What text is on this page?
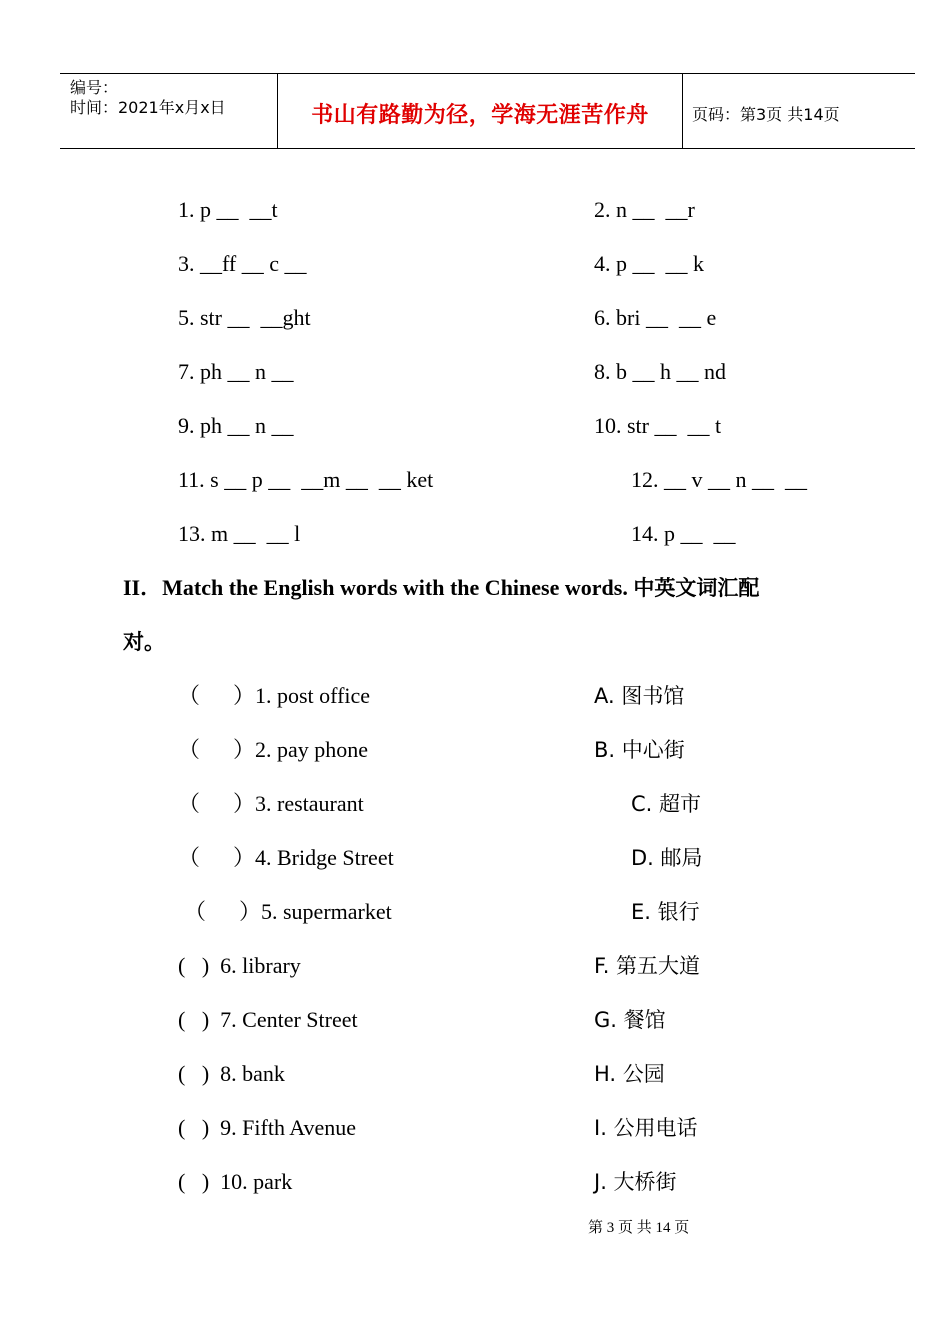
编号：
时间：2021年x月x日	书山有路勤为径，学海无涯苦作舟	页码：第3页 共14页
1. p __  __t	2. n __  __r
3. __ff __ c __	4. p __  __ k
5. str __  __ght	6. bri __  __ e
7. ph __ n __	8. b __ h __ nd
9. ph __ n __	10. str __  __ t
11. s __ p __  __m __  __ ket	12. __ v __ n __  __
13. m __  __ l	14. p __  __
II．Match the English words with the Chinese words. 中英文词汇配
对。
（      ）1. post office	A. 图书馆
（      ）2. pay phone	B. 中心街
（      ）3. restaurant	C. 超市
（      ）4. Bridge Street	D. 邮局
（      ）5. supermarket	E. 银行
(   )  6. library	F. 第五大道
(   )  7. Center Street	G. 餐馆
(   )  8. bank	H. 公园
(   )  9. Fifth Avenue	I. 公用电话
(   )  10. park	J. 大桥街
第 3 页 共 14 页
